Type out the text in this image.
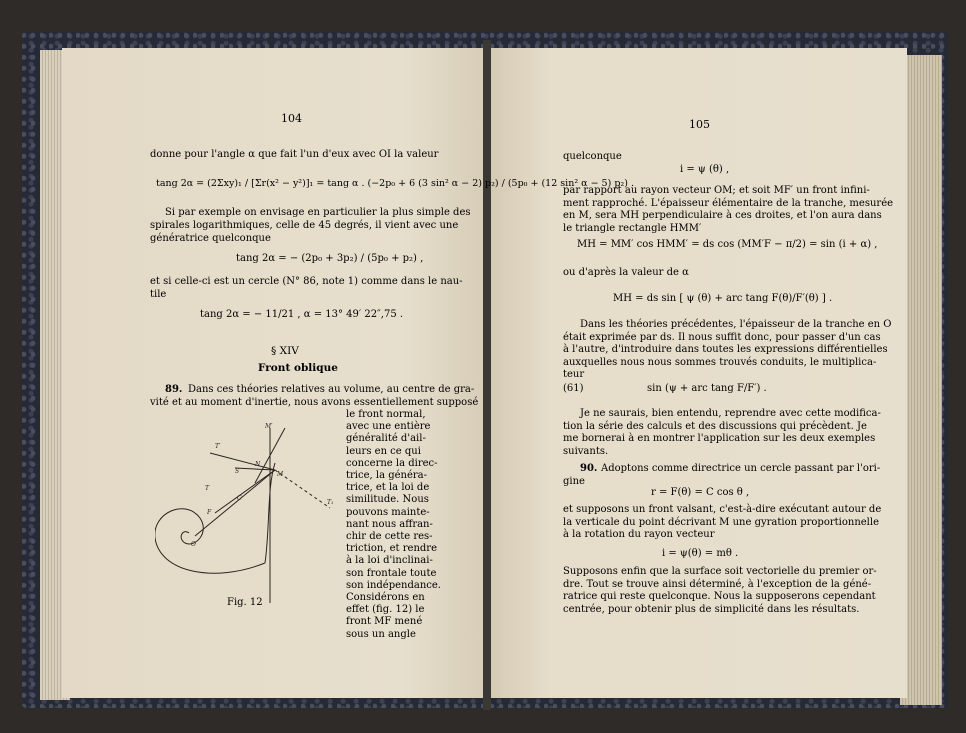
104
donne pour l'angle α que fait l'un d'eux avec OI la valeur
tang 2α = (2Σxy)₁ / [Σr(x² − y²)]₁ = tang α . (−2p₀ + 6 (3 sin² α − 2) p₂) / (5p₀ + (12 sin² α − 5) p₂) .
Si par exemple on envisage en particulier la plus simple des
spirales logarithmiques, celle de 45 degrés, il vient avec une
génératrice quelconque
tang 2α = − (2p₀ + 3p₂) / (5p₀ + p₂) ,
et si celle-ci est un cercle (N° 86, note 1) comme dans le nau-
tile
tang 2α = − 11/21 , α = 13° 49′ 22″,75 .
§ XIV
Front oblique
89. Dans ces théories relatives au volume, au centre de gra-
vité et au moment d'inertie, nous avons essentiellement supposé
le front normal,
avec une entière
généralité d'ail-
leurs en ce qui
concerne la direc-
trice, la généra-
trice, et la loi de
similitude. Nous
pouvons mainte-
nant nous affran-
chir de cette res-
triction, et rendre
à la loi d'inclinai-
son frontale toute
son indépendance.
Considérons en
effet (fig. 12) le
front MF mené
sous un angle
M′
T′
S
N
M
O
T
C
F
T₁
Fig. 12
105
quelconque
i = ψ (θ) ,
par rapport au rayon vecteur OM; et soit MF′ un front infini-
ment rapproché. L'épaisseur élémentaire de la tranche, mesurée
en M, sera MH perpendiculaire à ces droites, et l'on aura dans
le triangle rectangle HMM′
MH = MM′ cos HMM′ = ds cos (MM′F − π/2) = sin (i + α) ,
ou d'après la valeur de α
MH = ds sin [ ψ (θ) + arc tang F(θ)/F′(θ) ] .
Dans les théories précédentes, l'épaisseur de la tranche en O
était exprimée par ds. Il nous suffit donc, pour passer d'un cas
à l'autre, d'introduire dans toutes les expressions différentielles
auxquelles nous nous sommes trouvés conduits, le multiplica-
teur
(61)	sin (ψ + arc tang F/F′) .
Je ne saurais, bien entendu, reprendre avec cette modifica-
tion la série des calculs et des discussions qui précèdent. Je
me bornerai à en montrer l'application sur les deux exemples
suivants.
90. Adoptons comme directrice un cercle passant par l'ori-
gine
r = F(θ) = C cos θ ,
et supposons un front valsant, c'est-à-dire exécutant autour de
la verticale du point décrivant M une gyration proportionnelle
à la rotation du rayon vecteur
i = ψ(θ) = mθ .
Supposons enfin que la surface soit vectorielle du premier or-
dre. Tout se trouve ainsi déterminé, à l'exception de la géné-
ratrice qui reste quelconque. Nous la supposerons cependant
centrée, pour obtenir plus de simplicité dans les résultats.
